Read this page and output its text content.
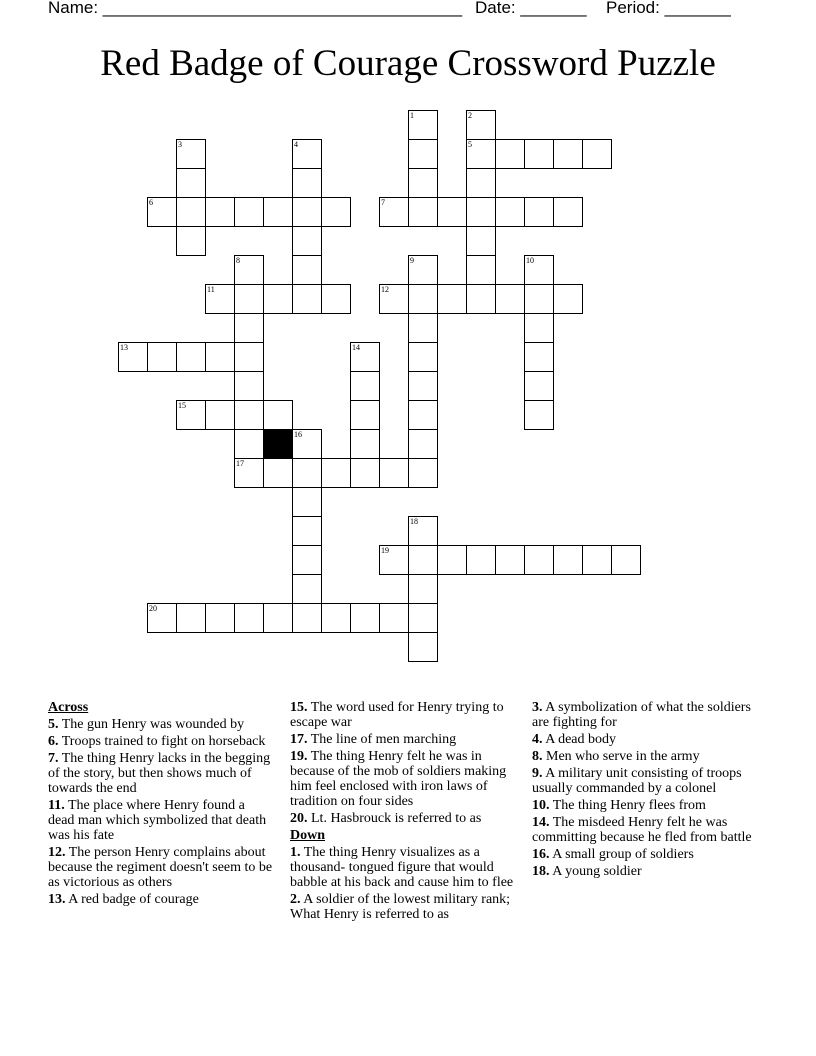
Name: ______________________________________ Date: _______ Period: _______
Red Badge of Courage Crossword Puzzle
1	2
5
3	4
6	7
8
17
9	10
11	12
13	14
15
16
18
19
20
Across
5. The gun Henry was wounded by
6. Troops trained to fight on horseback
7. The thing Henry lacks in the begging of the story, but then shows much of towards the end
11. The place where Henry found a dead man which symbolized that death was his fate
12. The person Henry complains about because the regiment doesn't seem to be as victorious as others
13. A red badge of courage
15. The word used for Henry trying to escape war
17. The line of men marching
19. The thing Henry felt he was in because of the mob of soldiers making him feel enclosed with iron laws of tradition on four sides
20. Lt. Hasbrouck is referred to as
Down
1. The thing Henry visualizes as a thousand- tongued figure that would babble at his back and cause him to flee
2. A soldier of the lowest military rank; What Henry is referred to as
3. A symbolization of what the soldiers are fighting for
4. A dead body
8. Men who serve in the army
9. A military unit consisting of troops usually commanded by a colonel
10. The thing Henry flees from
14. The misdeed Henry felt he was committing because he fled from battle
16. A small group of soldiers
18. A young soldier
